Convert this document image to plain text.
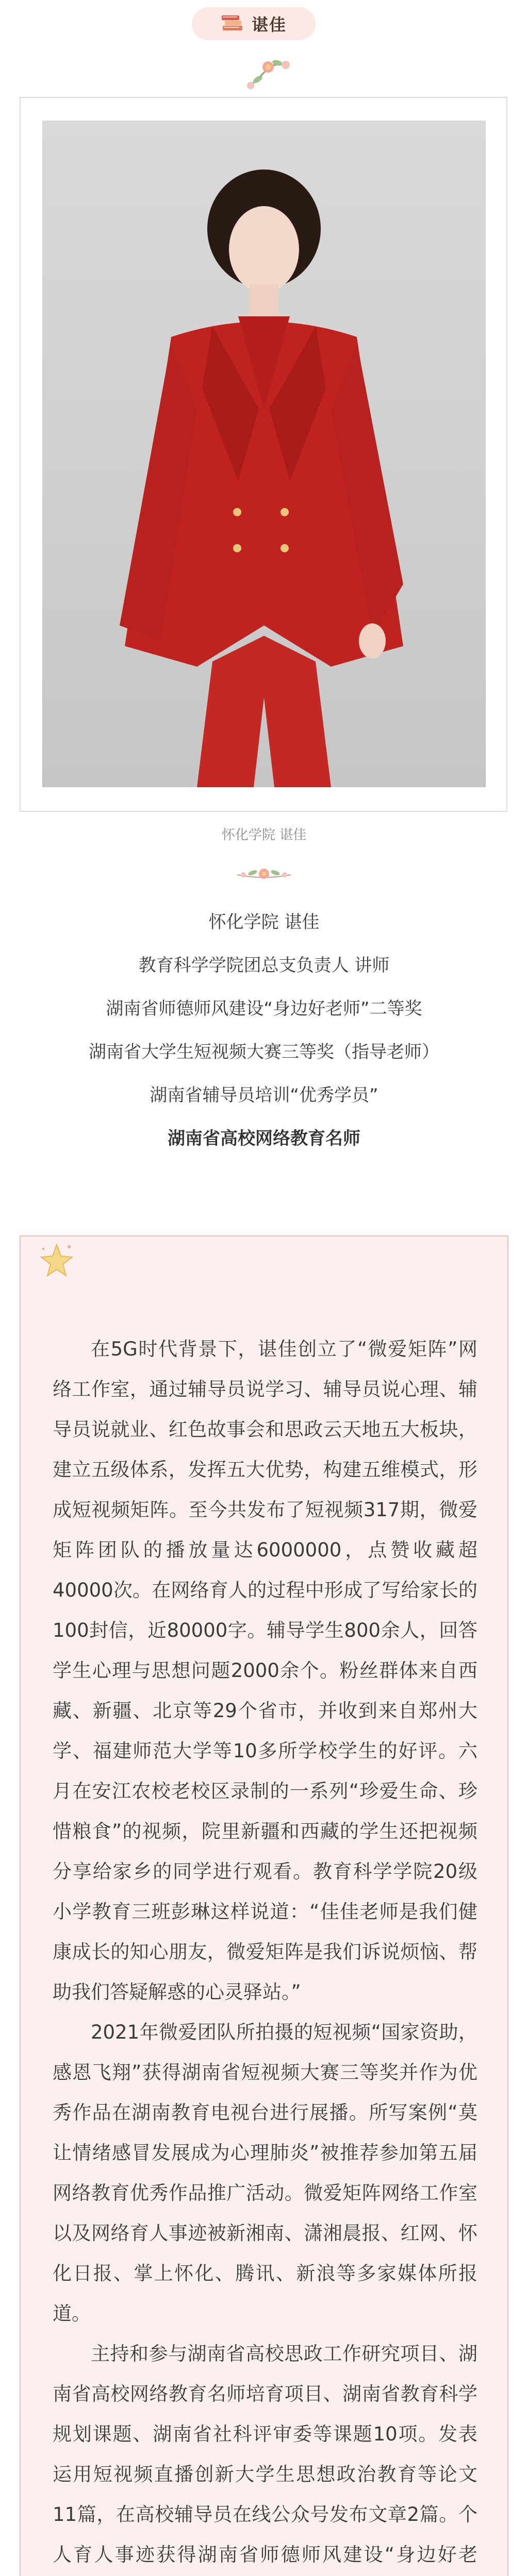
谌佳
怀化学院 谌佳

怀化学院 谌佳

教育科学学院团总支负责人 讲师

湖南省师德师风建设“身边好老师”二等奖

湖南省大学生短视频大赛三等奖（指导老师）

湖南省辅导员培训“优秀学员”

湖南省高校网络教育名师

在5G时代背景下，谌佳创立了“微爱矩阵”网络工作室，通过辅导员说学习、辅导员说心理、辅导员说就业、红色故事会和思政云天地五大板块，建立五级体系，发挥五大优势，构建五维模式，形成短视频矩阵。至今共发布了短视频317期，微爱矩阵团队的播放量达6000000，点赞收藏超40000次。在网络育人的过程中形成了写给家长的100封信，近80000字。辅导学生800余人，回答学生心理与思想问题2000余个。粉丝群体来自西藏、新疆、北京等29个省市，并收到来自郑州大学、福建师范大学等10多所学校学生的好评。六月在安江农校老校区录制的一系列“珍爱生命、珍惜粮食”的视频，院里新疆和西藏的学生还把视频分享给家乡的同学进行观看。教育科学学院20级小学教育三班彭琳这样说道：“佳佳老师是我们健康成长的知心朋友，微爱矩阵是我们诉说烦恼、帮助我们答疑解惑的心灵驿站。”

2021年微爱团队所拍摄的短视频“国家资助，感恩飞翔”获得湖南省短视频大赛三等奖并作为优秀作品在湖南教育电视台进行展播。所写案例“莫让情绪感冒发展成为心理肺炎”被推荐参加第五届网络教育优秀作品推广活动。微爱矩阵网络工作室以及网络育人事迹被新湘南、潇湘晨报、红网、怀化日报、掌上怀化、腾讯、新浪等多家媒体所报道。

主持和参与湖南省高校思政工作研究项目、湖南省高校网络教育名师培育项目、湖南省教育科学规划课题、湖南省社科评审委等课题10项。发表运用短视频直播创新大学生思想政治教育等论文11篇，在高校辅导员在线公众号发布文章2篇。个人育人事迹获得湖南省师德师风建设“身边好老
